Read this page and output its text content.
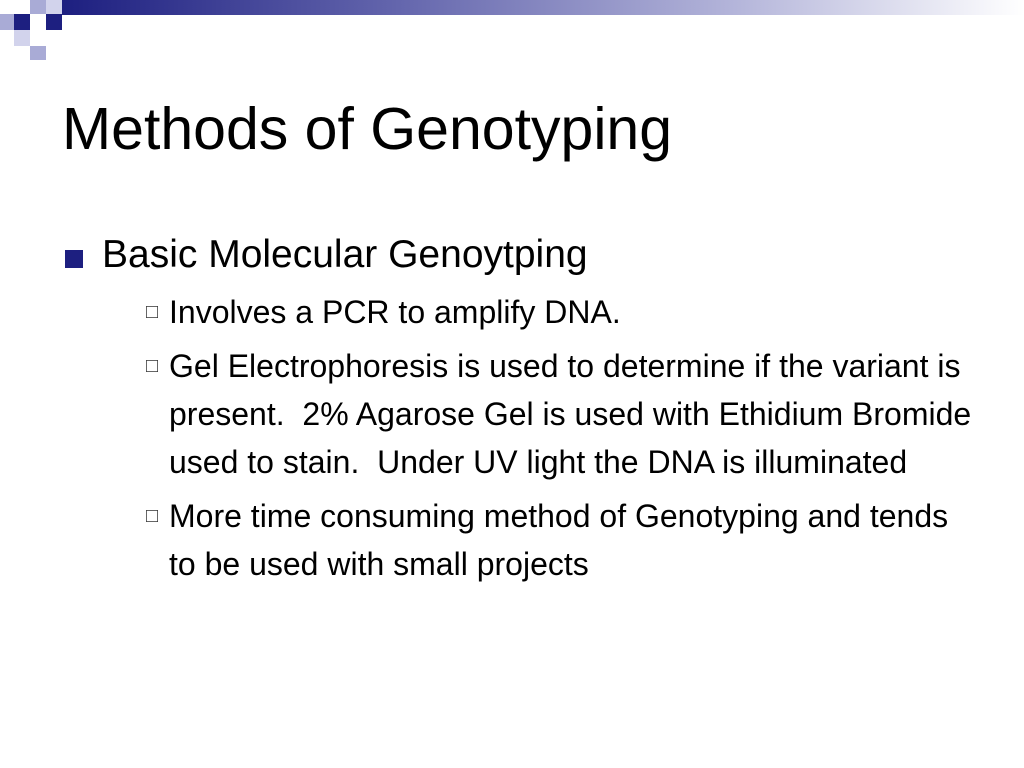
Methods of Genotyping
Basic Molecular Genoytping
□ Involves a PCR to amplify DNA.
□ Gel Electrophoresis is used to determine if the variant is present.  2% Agarose Gel is used with Ethidium Bromide used to stain.  Under UV light the DNA is illuminated
□ More time consuming method of Genotyping and tends to be used with small projects
